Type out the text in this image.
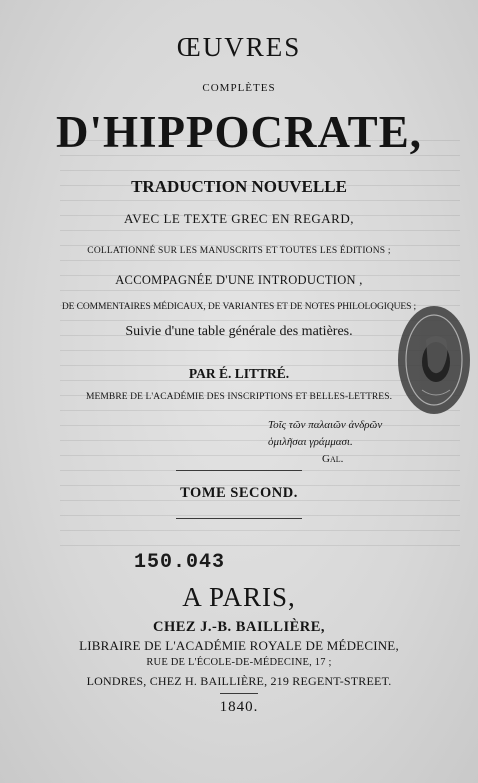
ŒUVRES
COMPLÈTES
D'HIPPOCRATE,
TRADUCTION NOUVELLE
AVEC LE TEXTE GREC EN REGARD,
COLLATIONNÉ SUR LES MANUSCRITS ET TOUTES LES ÉDITIONS ;
ACCOMPAGNÉE D'UNE INTRODUCTION ,
DE COMMENTAIRES MÉDICAUX, DE VARIANTES ET DE NOTES PHILOLOGIQUES ;
Suivie d'une table générale des matières.
PAR É. LITTRÉ.
MEMBRE DE L'ACADÉMIE DES INSCRIPTIONS ET BELLES-LETTRES.
Τοῖς τῶν παλαιῶν ἀνδρῶν
ὁμιλῆσαι γράμμασι.
Gal.
TOME SECOND.
150.043
A PARIS,
CHEZ J.-B. BAILLIÈRE,
LIBRAIRE DE L'ACADÉMIE ROYALE DE MÉDECINE,
RUE DE L'ÉCOLE-DE-MÉDECINE, 17 ;
LONDRES, CHEZ H. BAILLIÈRE, 219 REGENT-STREET.
1840.
